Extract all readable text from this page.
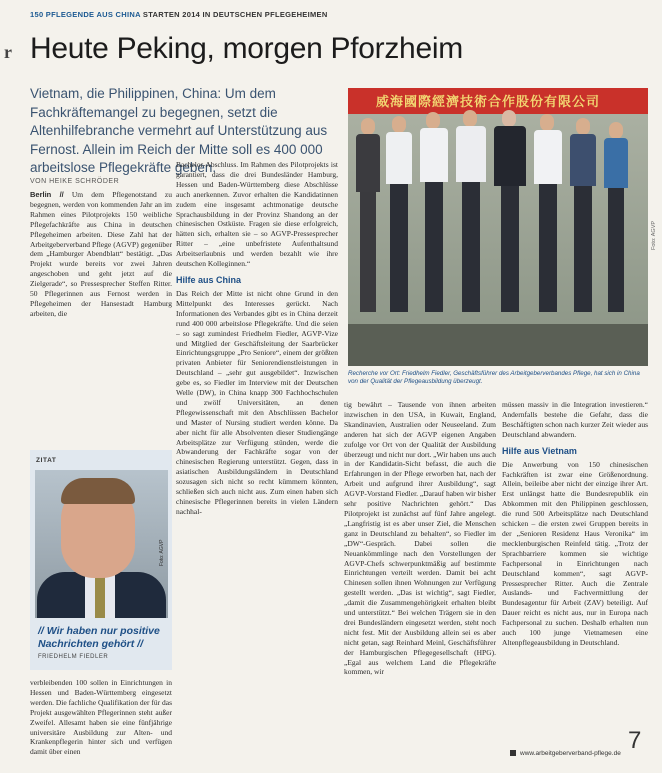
150 PFLEGENDE AUS CHINA STARTEN 2014 IN DEUTSCHEN PFLEGEHEIMEN
r Heute Peking, morgen Pforzheim

Vietnam, die Philippinen, China: Um dem Fachkräftemangel zu begegnen, setzt die Altenhilfebranche vermehrt auf Unterstützung aus Fernost. Allein im Reich der Mitte soll es 400 000 arbeitslose Pflegekräfte geben.

VON HEIKE SCHRÖDER

Berlin // Um dem Pflegenotstand zu begegnen, werden von kommenden Jahr an im Rahmen eines Pilotprojekts 150 weibliche Pflegefachkräfte aus China in deutschen Pflegeheimen arbeiten. Diese Zahl hat der Arbeitgeberverband Pflege (AGVP) gegenüber dem „Hamburger Abendblatt“ bestätigt. „Das Projekt wurde bereits vor zwei Jahren angeschoben und geht jetzt auf die Zielgerade“, so Pressesprecher Steffen Ritter. 50 Pflegerinnen aus Fernost werden in Pflegeheimen der Hansestadt Hamburg arbeiten, die

ZITAT
Foto: AGVP
// Wir haben nur positive Nachrichten gehört //
FRIEDHELM FIEDLER

verbleibenden 100 sollen in Einrichtungen in Hessen und Baden-Württemberg eingesetzt werden. Die fachliche Qualifikation der für das Projekt ausgewählten Pflegerinnen steht außer Zweifel. Allesamt haben sie eine fünfjährige universitäre Ausbildung zur Alten- und Krankenpflegerin hinter sich und verfügen damit über einen

Bachelor-Abschluss. Im Rahmen des Pilotprojekts ist garantiert, dass die drei Bundesländer Hamburg, Hessen und Baden-Württemberg diese Abschlüsse auch anerkennen. Zuvor erhalten die Kandidatinnen zudem eine insgesamt achtmonatige deutsche Sprachausbildung in der Provinz Shandong an der chinesischen Ostküste. Fragen sie diese erfolgreich, hätten sich, erhalten sie – so AGVP-Pressesprecher Ritter – „eine unbefristete Aufenthaltsund Arbeitserlaubnis und werden bezahlt wie ihre deutschen Kolleginnen.“

Hilfe aus China

Das Reich der Mitte ist nicht ohne Grund in den Mittelpunkt des Interesses gerückt. Nach Informationen des Verbandes gibt es in China derzeit rund 400 000 arbeitslose Pflegekräfte. Und die seien – so sagt zumindest Friedhelm Fiedler, AGVP-Vize und Mitglied der Geschäftsleitung der Saarbrücker Einrichtungsgruppe „Pro Seniore“, einem der größten privaten Anbieter für Seniorendienstleistungen in Deutschland – „sehr gut ausgebildet“. Inzwischen gebe es, so Fiedler im Interview mit der Deutschen Welle (DW), in China knapp 300 Fachhochschulen und zwölf Universitäten, an denen Pflegewissenschaft mit den Abschlüssen Bachelor und Master of Nursing studiert werden könne. Da aber nicht für alle Absolventen dieser Studiengänge Arbeitsplätze zur Verfügung stünden, werde die Abwanderung der Fachkräfte sogar von der chinesischen Regierung unterstützt. Gegen, dass in asiatischen Ausbildungsländern in Deutschland sozusagen sich nicht so recht kümmern könnten, schließen sich auch nicht aus. Zum einen haben sich chinesische Pflegerinnen bereits in vielen Ländern nachhal-

威海國際經濟技術合作股份有限公司
Foto: AGVP
Recherche vor Ort: Friedhelm Fiedler, Geschäftsführer des Arbeitgeberverbandes Pflege, hat sich in China von der Qualität der Pflegeausbildung überzeugt.

tig bewährt – Tausende von ihnen arbeiten inzwischen in den USA, in Kuwait, England, Skandinavien, Australien oder Neuseeland. Zum anderen hat sich der AGVP eigenen Angaben zufolge vor Ort von der Qualität der Ausbildung überzeugt und nicht nur dort. „Wir haben uns auch in der Kandidatin-Sicht befasst, die auch die Erfahrungen in der Pflege erworben hat, nach der Arbeit und aufgrund ihrer Ausbildung“, sagt AGVP-Vorstand Fiedler. „Darauf haben wir bisher sehr positive Nachrichten gehört.“ Das Pilotprojekt ist zunächst auf fünf Jahre angelegt. „Langfristig ist es aber unser Ziel, die Menschen ganz in Deutschland zu behalten“, so Fiedler im „DW“-Gespräch. Dabei sollen die Neuankömmlinge nach den Vorstellungen der AGVP-Chefs schwerpunktmäßig auf bestimmte Einrichtungen verteilt werden. Damit bei acht Chinesen sollen ihnen Wohnungen zur Verfügung gestellt werden. „Das ist wichtig“, sagt Fiedler, „damit die Zusammengehörigkeit erhalten bleibt und unterstützt.“ Bei welchen Trägern sie in den drei Bundesländern eingesetzt werden, steht noch nicht fest. Mit der Ausbildung allein sei es aber nicht getan, sagt Reinhard Meinl, Geschäftsführer der Hamburgischen Pflegegesellschaft (HPG). „Egal aus welchem Land die Pflegekräfte kommen, wir

müssen massiv in die Integration investieren.“ Andernfalls bestehe die Gefahr, dass die Beschäftigten schon nach kurzer Zeit wieder aus Deutschland abwandern.

Hilfe aus Vietnam

Die Anwerbung von 150 chinesischen Fachkräften ist zwar eine Größenordnung. Allein, beileibe aber nicht der einzige ihrer Art. Erst unlängst hatte die Bundesrepublik ein Abkommen mit den Philippinen geschlossen, die rund 500 Arbeitsplätze nach Deutschland schicken – die ersten zwei Gruppen bereits in der „Senioren Residenz Haus Veronika“ im mecklenburgischen Reinfeld tätig. „Trotz der Sprachbarriere kommen sie wichtige Fachpersonal in Einrichtungen nach Deutschland kommen“, sagt AGVP-Pressesprecher Ritter. Auch die Zentrale Auslands- und Fachvermittlung der Bundesagentur für Arbeit (ZAV) beteiligt. Auf Dauer reicht es nicht aus, nur in Europa nach Fachpersonal zu suchen. Deshalb erhalten nun auch 100 junge Vietnamesen eine Altenpflegeausbildung in Deutschland.

www.arbeitgeberverband-pflege.de 7
